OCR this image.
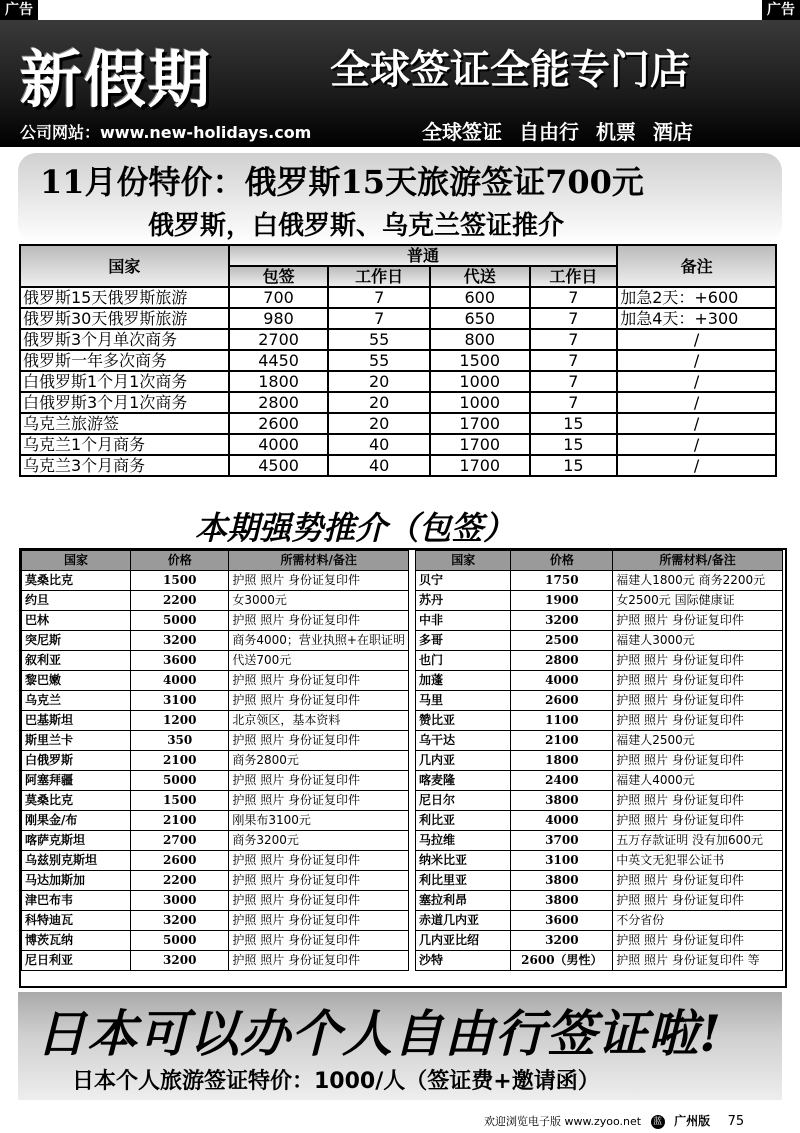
广告	广告
新假期	全球签证全能专门店
公司网站：www.new-holidays.com	全球签证 自由行 机票 酒店
11月份特价：俄罗斯15天旅游签证700元
俄罗斯，白俄罗斯、乌克兰签证推介
国家	普通				备注
	包签	工作日	代送	工作日	
俄罗斯15天俄罗斯旅游	700	7	600	7	加急2天：+600
俄罗斯30天俄罗斯旅游	980	7	650	7	加急4天：+300
俄罗斯3个月单次商务	2700	55	800	7	/
俄罗斯一年多次商务	4450	55	1500	7	/
白俄罗斯1个月1次商务	1800	20	1000	7	/
白俄罗斯3个月1次商务	2800	20	1000	7	/
乌克兰旅游签	2600	20	1700	15	/
乌克兰1个月商务	4000	40	1700	15	/
乌克兰3个月商务	4500	40	1700	15	/
本期强势推介（包签）
国家	价格	所需材料/备注
莫桑比克	1500	护照 照片 身份证复印件
约旦	2200	女3000元
巴林	5000	护照 照片 身份证复印件
突尼斯	3200	商务4000；营业执照+在职证明
叙利亚	3600	代送700元
黎巴嫩	4000	护照 照片 身份证复印件
乌克兰	3100	护照 照片 身份证复印件
巴基斯坦	1200	北京领区，基本资料
斯里兰卡	350	护照 照片 身份证复印件
白俄罗斯	2100	商务2800元
阿塞拜疆	5000	护照 照片 身份证复印件
莫桑比克	1500	护照 照片 身份证复印件
刚果金/布	2100	刚果布3100元
喀萨克斯坦	2700	商务3200元
乌兹别克斯坦	2600	护照 照片 身份证复印件
马达加斯加	2200	护照 照片 身份证复印件
津巴布韦	3000	护照 照片 身份证复印件
科特迪瓦	3200	护照 照片 身份证复印件
博茨瓦纳	5000	护照 照片 身份证复印件
尼日利亚	3200	护照 照片 身份证复印件
国家	价格	所需材料/备注
贝宁	1750	福建人1800元 商务2200元
苏丹	1900	女2500元 国际健康证
中非	3200	护照 照片 身份证复印件
多哥	2500	福建人3000元
也门	2800	护照 照片 身份证复印件
加蓬	4000	护照 照片 身份证复印件
马里	2600	护照 照片 身份证复印件
赞比亚	1100	护照 照片 身份证复印件
乌干达	2100	福建人2500元
几内亚	1800	护照 照片 身份证复印件
喀麦隆	2400	福建人4000元
尼日尔	3800	护照 照片 身份证复印件
利比亚	4000	护照 照片 身份证复印件
马拉维	3700	五万存款证明 没有加600元
纳米比亚	3100	中英文无犯罪公证书
利比里亚	3800	护照 照片 身份证复印件
塞拉利昂	3800	护照 照片 身份证复印件
赤道几内亚	3600	不分省份
几内亚比绍	3200	护照 照片 身份证复印件
沙特	2600（男性）	护照 照片 身份证复印件 等
日本可以办个人自由行签证啦!
日本个人旅游签证特价：1000/人（签证费+邀请函）
欢迎浏览电子版 www.zyoo.net 蓝 广州版 75
